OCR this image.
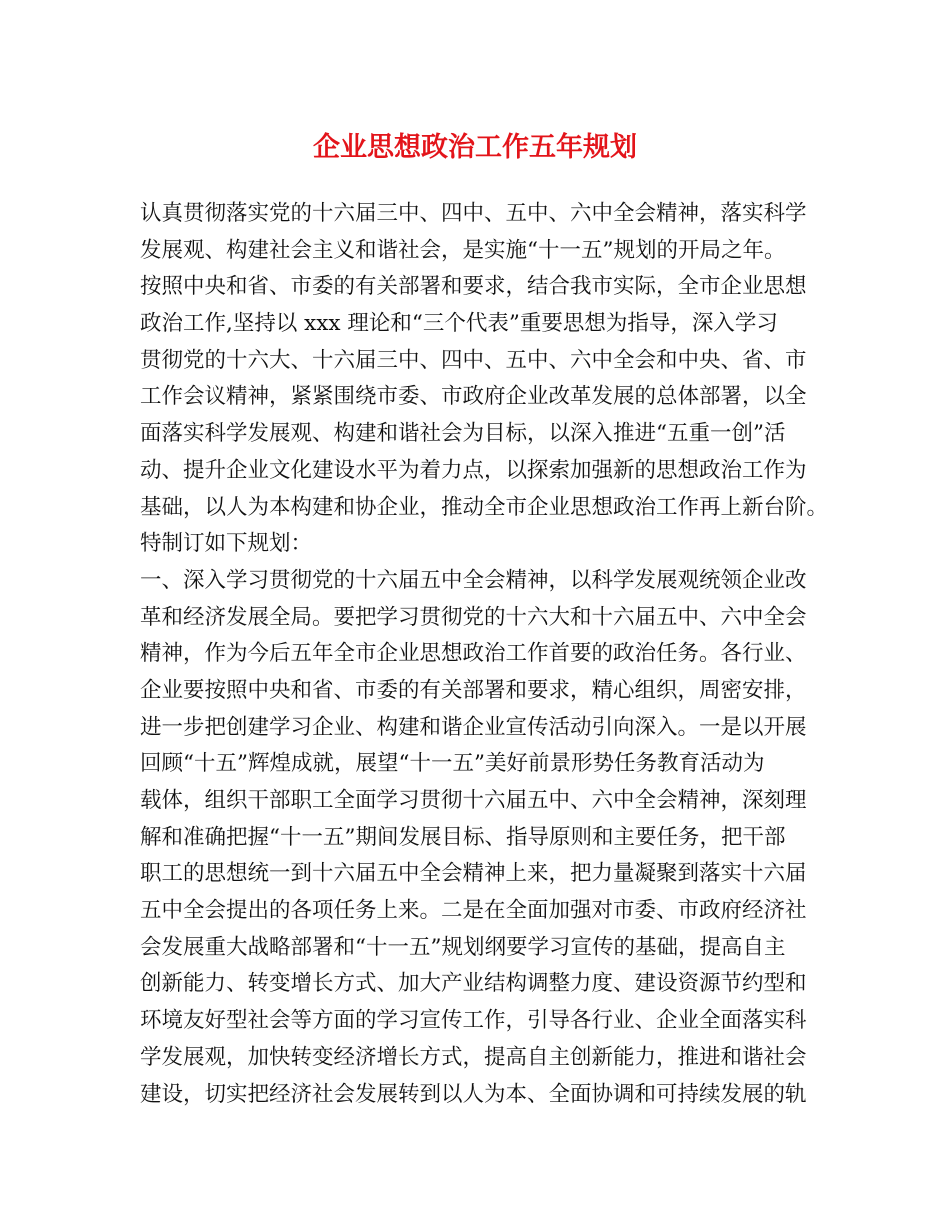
企业思想政治工作五年规划

认真贯彻落实党的十六届三中、四中、五中、六中全会精神，落实科学

发展观、构建社会主义和谐社会，是实施“十一五”规划的开局之年。

按照中央和省、市委的有关部署和要求，结合我市实际，全市企业思想

政治工作,坚持以 xxx 理论和“三个代表”重要思想为指导，深入学习

贯彻党的十六大、十六届三中、四中、五中、六中全会和中央、省、市

工作会议精神，紧紧围绕市委、市政府企业改革发展的总体部署，以全

面落实科学发展观、构建和谐社会为目标，以深入推进“五重一创”活

动、提升企业文化建设水平为着力点，以探索加强新的思想政治工作为

基础，以人为本构建和协企业，推动全市企业思想政治工作再上新台阶。

特制订如下规划：

一、深入学习贯彻党的十六届五中全会精神，以科学发展观统领企业改

革和经济发展全局。要把学习贯彻党的十六大和十六届五中、六中全会

精神，作为今后五年全市企业思想政治工作首要的政治任务。各行业、

企业要按照中央和省、市委的有关部署和要求，精心组织，周密安排，

进一步把创建学习企业、构建和谐企业宣传活动引向深入。一是以开展

回顾“十五”辉煌成就，展望“十一五”美好前景形势任务教育活动为

载体，组织干部职工全面学习贯彻十六届五中、六中全会精神，深刻理

解和准确把握“十一五”期间发展目标、指导原则和主要任务，把干部

职工的思想统一到十六届五中全会精神上来，把力量凝聚到落实十六届

五中全会提出的各项任务上来。二是在全面加强对市委、市政府经济社

会发展重大战略部署和“十一五”规划纲要学习宣传的基础，提高自主

创新能力、转变增长方式、加大产业结构调整力度、建设资源节约型和

环境友好型社会等方面的学习宣传工作，引导各行业、企业全面落实科

学发展观，加快转变经济增长方式，提高自主创新能力，推进和谐社会

建设，切实把经济社会发展转到以人为本、全面协调和可持续发展的轨
